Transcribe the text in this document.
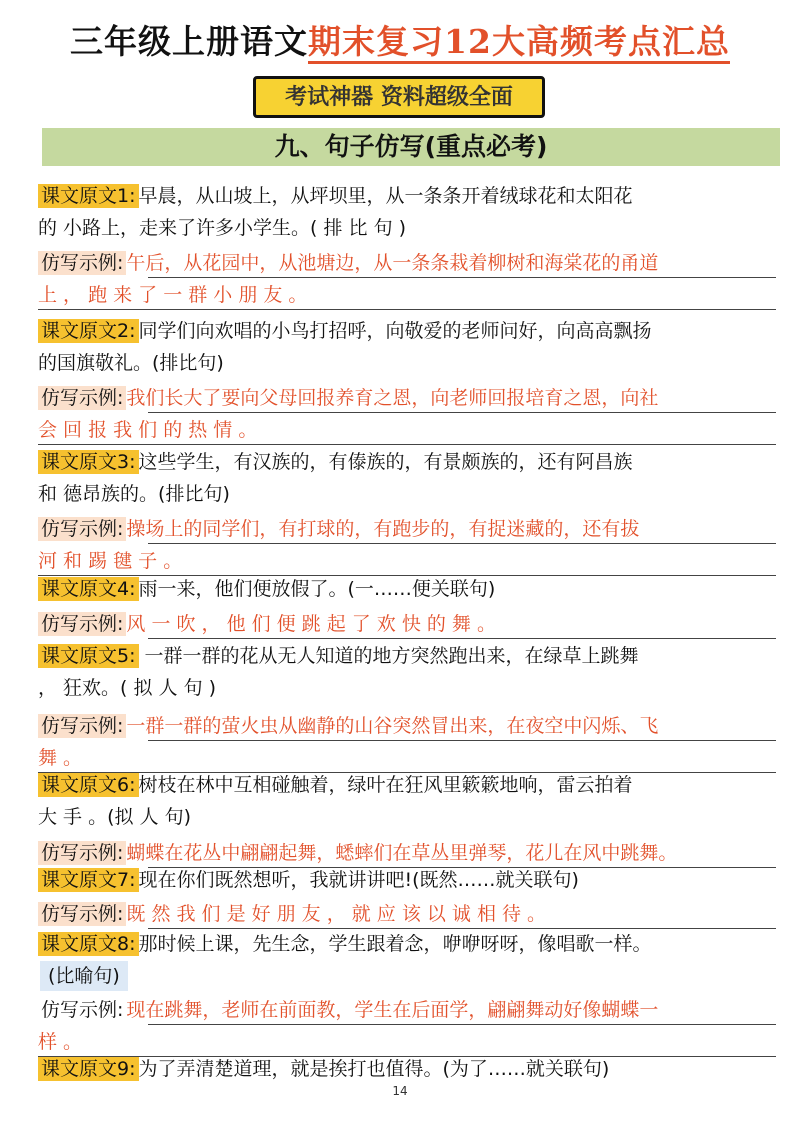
三年级上册语文期末复习12大高频考点汇总
考试神器 资料超级全面
九、句子仿写(重点必考)
课文原文1: 早晨，从山坡上，从坪坝里，从一条条开着绒球花和太阳花
的 小路上，走来了许多小学生。( 排 比 句 )
仿写示例: 午后，从花园中，从池塘边，从一条条栽着柳树和海棠花的甬道
上 ， 跑 来 了 一 群 小 朋 友 。
课文原文2: 同学们向欢唱的小鸟打招呼，向敬爱的老师问好，向高高飘扬
的国旗敬礼。(排比句)
仿写示例: 我们长大了要向父母回报养育之恩，向老师回报培育之恩，向社
会 回 报 我 们 的 热 情 。
课文原文3: 这些学生，有汉族的，有傣族的，有景颇族的，还有阿昌族
和 德昂族的。(排比句)
仿写示例: 操场上的同学们，有打球的，有跑步的，有捉迷藏的，还有拔
河 和 踢 毽 子 。
课文原文4: 雨一来，他们便放假了。(一……便关联句)
仿写示例: 风 一 吹 ， 他 们 便 跳 起 了 欢 快 的 舞 。
课文原文5: 一群一群的花从无人知道的地方突然跑出来，在绿草上跳舞
， 狂欢。( 拟 人 句 )
仿写示例: 一群一群的萤火虫从幽静的山谷突然冒出来，在夜空中闪烁、飞
舞 。
课文原文6: 树枝在林中互相碰触着，绿叶在狂风里簌簌地响，雷云拍着
大 手 。(拟 人 句)
仿写示例: 蝴蝶在花丛中翩翩起舞，蟋蟀们在草丛里弹琴，花儿在风中跳舞。
课文原文7: 现在你们既然想听，我就讲讲吧!(既然……就关联句)
仿写示例: 既 然 我 们 是 好 朋 友 ， 就 应 该 以 诚 相 待 。
课文原文8: 那时候上课，先生念，学生跟着念，咿咿呀呀，像唱歌一样。
(比喻句)
仿写示例: 现在跳舞，老师在前面教，学生在后面学，翩翩舞动好像蝴蝶一
样 。
课文原文9: 为了弄清楚道理，就是挨打也值得。(为了……就关联句)
14
